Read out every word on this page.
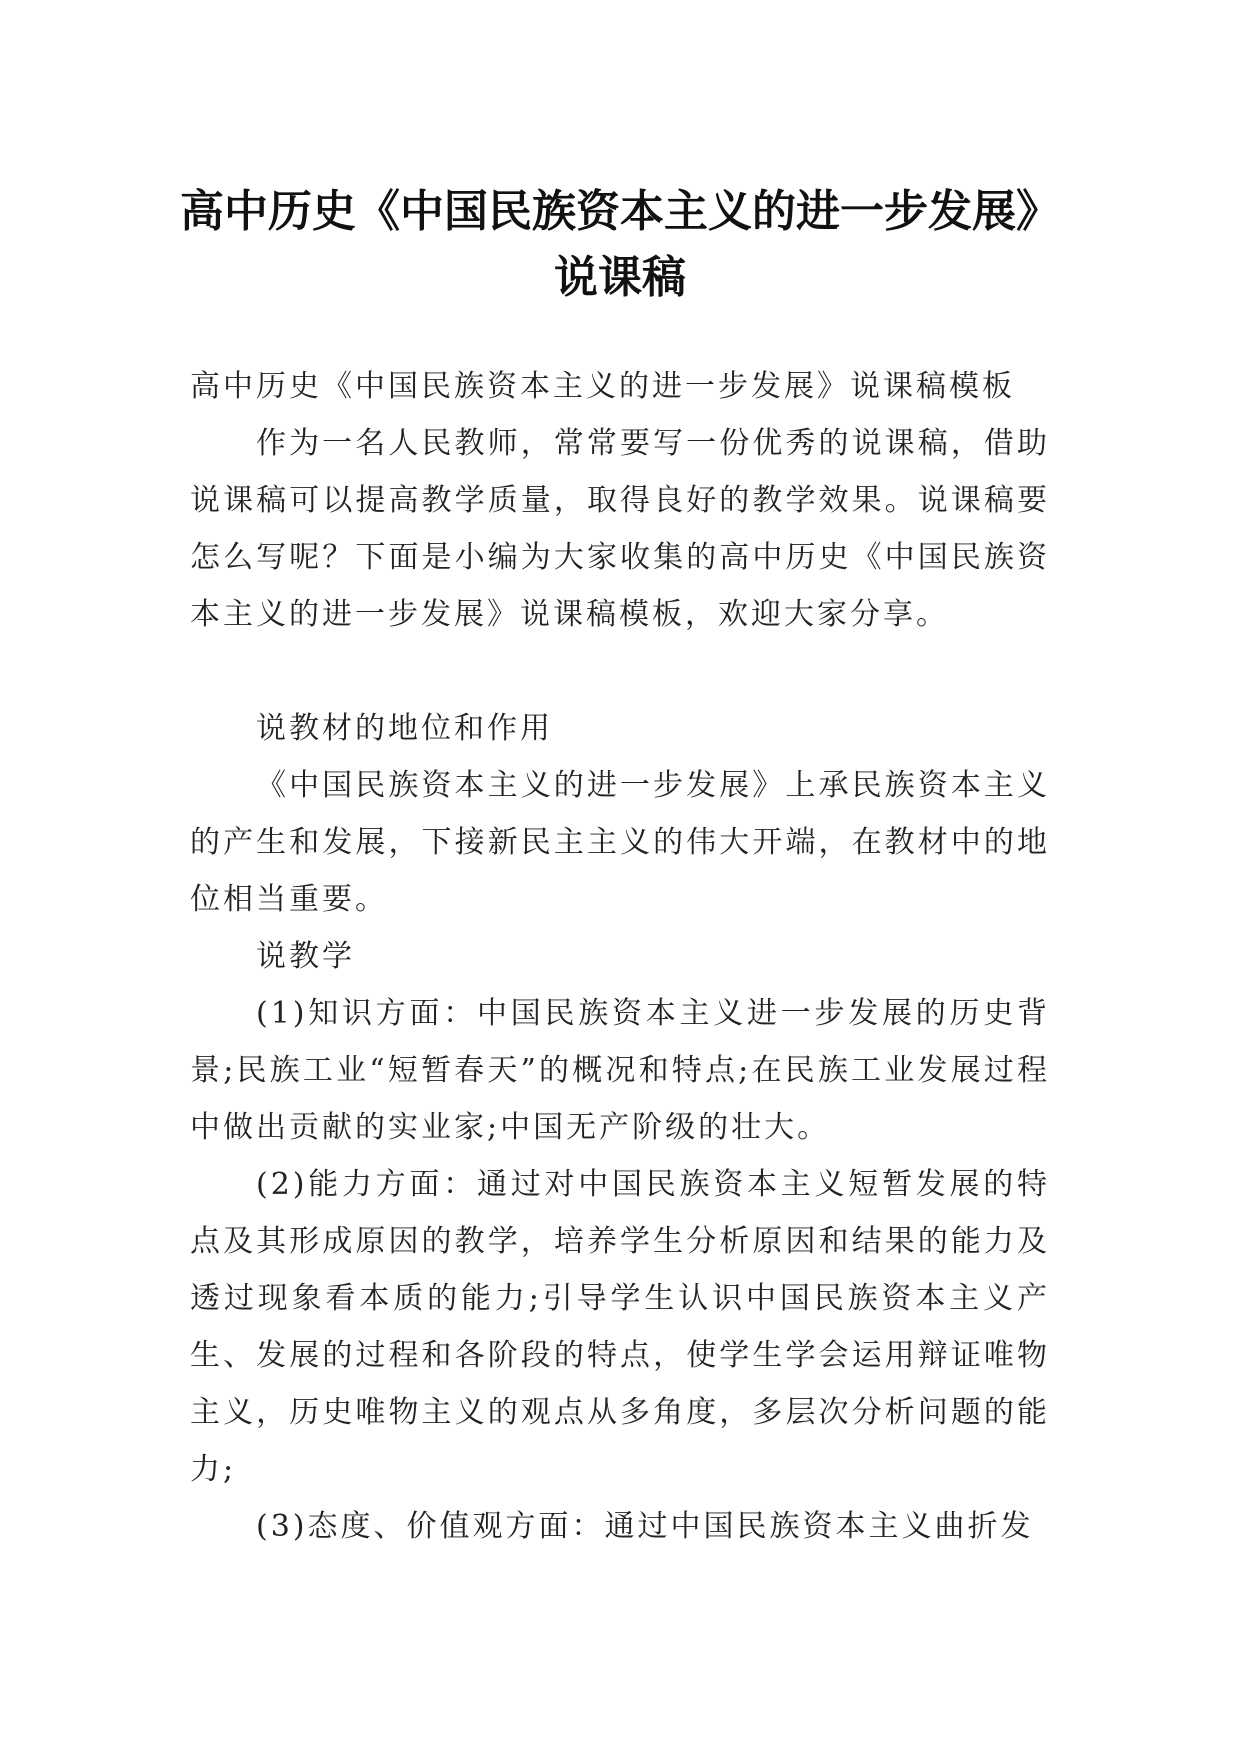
高中历史《中国民族资本主义的进一步发展》
说课稿

高中历史《中国民族资本主义的进一步发展》说课稿模板

作为一名人民教师，常常要写一份优秀的说课稿，借助说课稿可以提高教学质量，取得良好的教学效果。说课稿要怎么写呢？下面是小编为大家收集的高中历史《中国民族资本主义的进一步发展》说课稿模板，欢迎大家分享。

说教材的地位和作用

《中国民族资本主义的进一步发展》上承民族资本主义的产生和发展，下接新民主主义的伟大开端，在教材中的地位相当重要。

说教学

(1)知识方面：中国民族资本主义进一步发展的历史背景;民族工业“短暂春天”的概况和特点;在民族工业发展过程中做出贡献的实业家;中国无产阶级的壮大。

(2)能力方面：通过对中国民族资本主义短暂发展的特点及其形成原因的教学，培养学生分析原因和结果的能力及透过现象看本质的能力;引导学生认识中国民族资本主义产生、发展的过程和各阶段的特点，使学生学会运用辩证唯物主义，历史唯物主义的观点从多角度，多层次分析问题的能力;

(3)态度、价值观方面：通过中国民族资本主义曲折发
